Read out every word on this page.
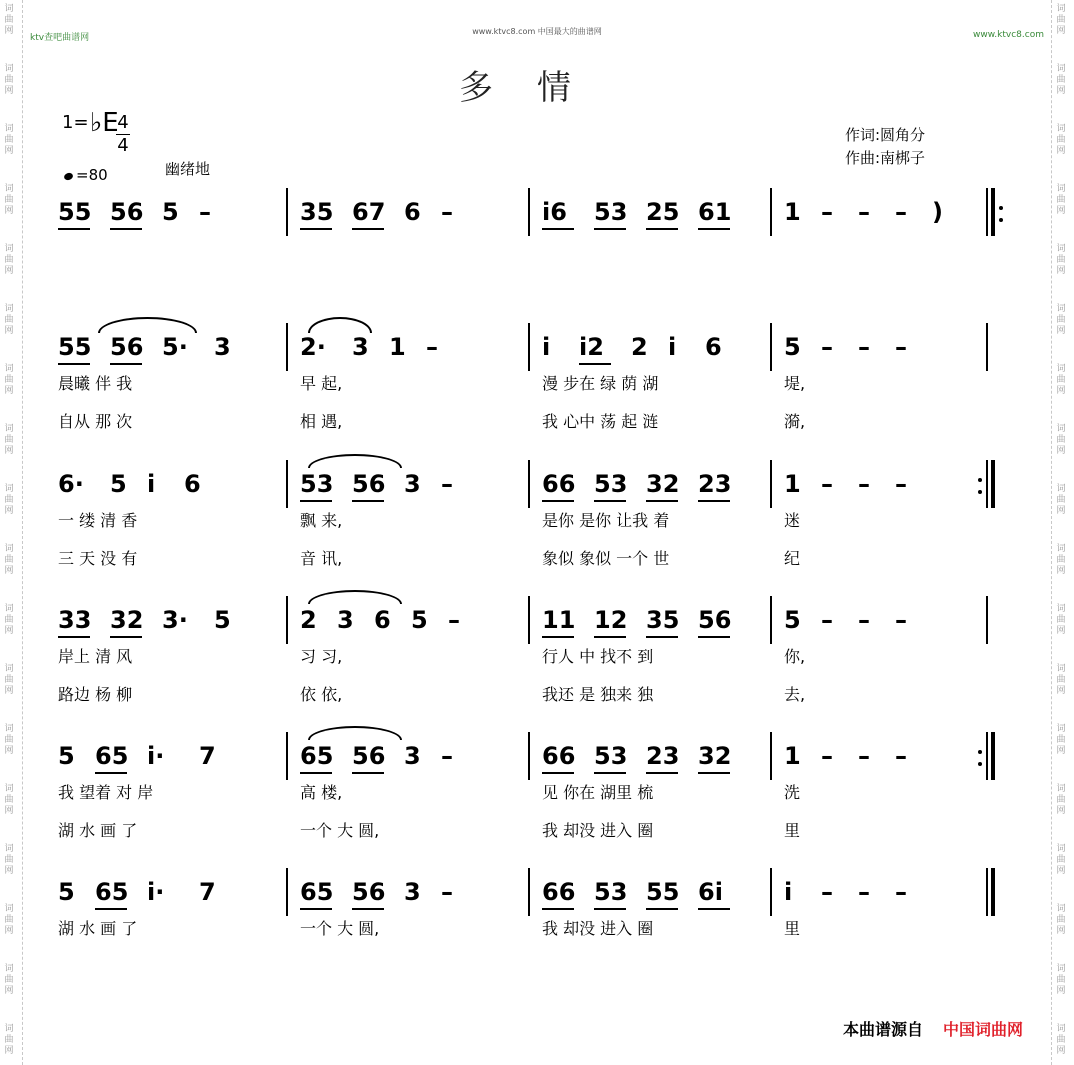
词
曲
网
词
曲
网
词
曲
网
词
曲
网
词
曲
网
词
曲
网
词
曲
网
词
曲
网
词
曲
网
词
曲
网
词
曲
网
词
曲
网
词
曲
网
词
曲
网
词
曲
网
词
曲
网
词
曲
网
词
曲
网
词
曲
网
词
曲
网
词
曲
网
词
曲
网
词
曲
网
词
曲
网
词
曲
网
词
曲
网
词
曲
网
词
曲
网
词
曲
网
词
曲
网
词
曲
网
词
曲
网
词
曲
网
词
曲
网
词
曲
网
词
曲
网
ktv查吧曲谱网
www.ktvc8.com 中国最大的曲谱网	www.ktvc8.com
多情
1= ♭E
4
4
=80	幽绪地
作词:圆角分
作曲:南梆子
55 56 5 –	35 67 6 –	i6 53 25 61 1 – – – )
55 56 5· 3
晨曦 伴 我
自从 那 次
2· 3 1 –
早 起,
相 遇,
i i2 2 i 6
漫 步在 绿 荫 湖
我 心中 荡 起 涟
5 – – –
堤,
漪,
6· 5 i 6
一 缕 清 香
三 天 没 有
53 56 3 –
飘 来,
音 讯,
66 53 32 23
是你 是你 让我 着
象似 象似 一个 世
1 – – –
迷
纪
33 32 3· 5
岸上 清 风
路边 杨 柳
2 3 6 5 –
习 习,
依 依,
11 12 35 56
行人 中 找不 到
我还 是 独来 独
5 – – –
你,
去,
5 65 i· 7
我 望着 对 岸
湖 水 画 了
65 56 3 –
高 楼,
一个 大 圆,
66 53 23 32
见 你在 湖里 梳
我 却没 进入 圈
1 – – –
洗
里
5 65 i· 7
湖 水 画 了
65 56 3 –
一个 大 圆,
66 53 55 6i
我 却没 进入 圈
i – – –
里
本曲谱源自 中国词曲网
